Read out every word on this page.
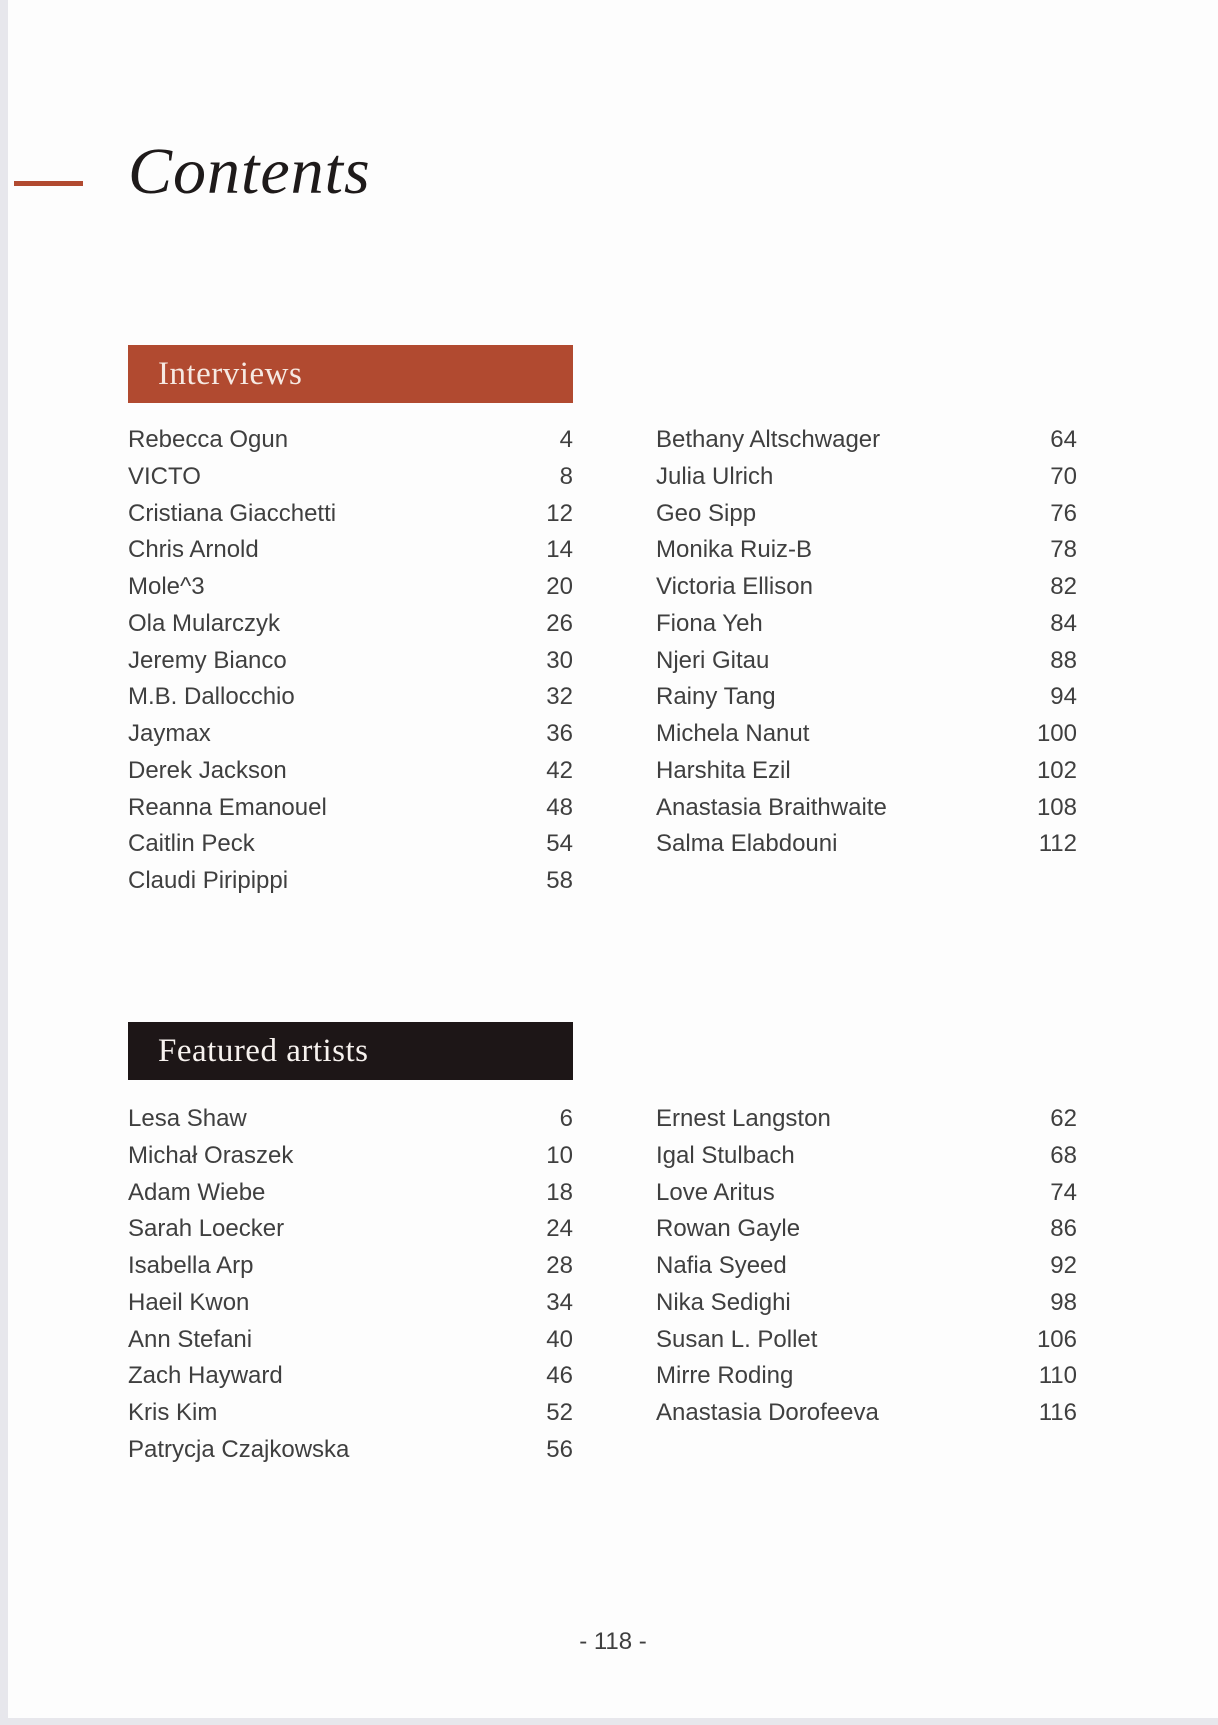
Contents
Interviews
Rebecca Ogun	4
VICTO	8
Cristiana Giacchetti	12
Chris Arnold	14
Mole^3	20
Ola Mularczyk	26
Jeremy Bianco	30
M.B. Dallocchio	32
Jaymax	36
Derek Jackson	42
Reanna Emanouel	48
Caitlin Peck	54
Claudi Piripippi	58
Bethany Altschwager	64
Julia Ulrich	70
Geo Sipp	76
Monika Ruiz-B	78
Victoria Ellison	82
Fiona Yeh	84
Njeri Gitau	88
Rainy Tang	94
Michela Nanut	100
Harshita Ezil	102
Anastasia Braithwaite	108
Salma Elabdouni	112
Featured artists
Lesa Shaw	6
Michał Oraszek	10
Adam Wiebe	18
Sarah Loecker	24
Isabella Arp	28
Haeil Kwon	34
Ann Stefani	40
Zach Hayward	46
Kris Kim	52
Patrycja Czajkowska	56
Ernest Langston	62
Igal Stulbach	68
Love Aritus	74
Rowan Gayle	86
Nafia Syeed	92
Nika Sedighi	98
Susan L. Pollet	106
Mirre Roding	110
Anastasia Dorofeeva	116
- 118 -
